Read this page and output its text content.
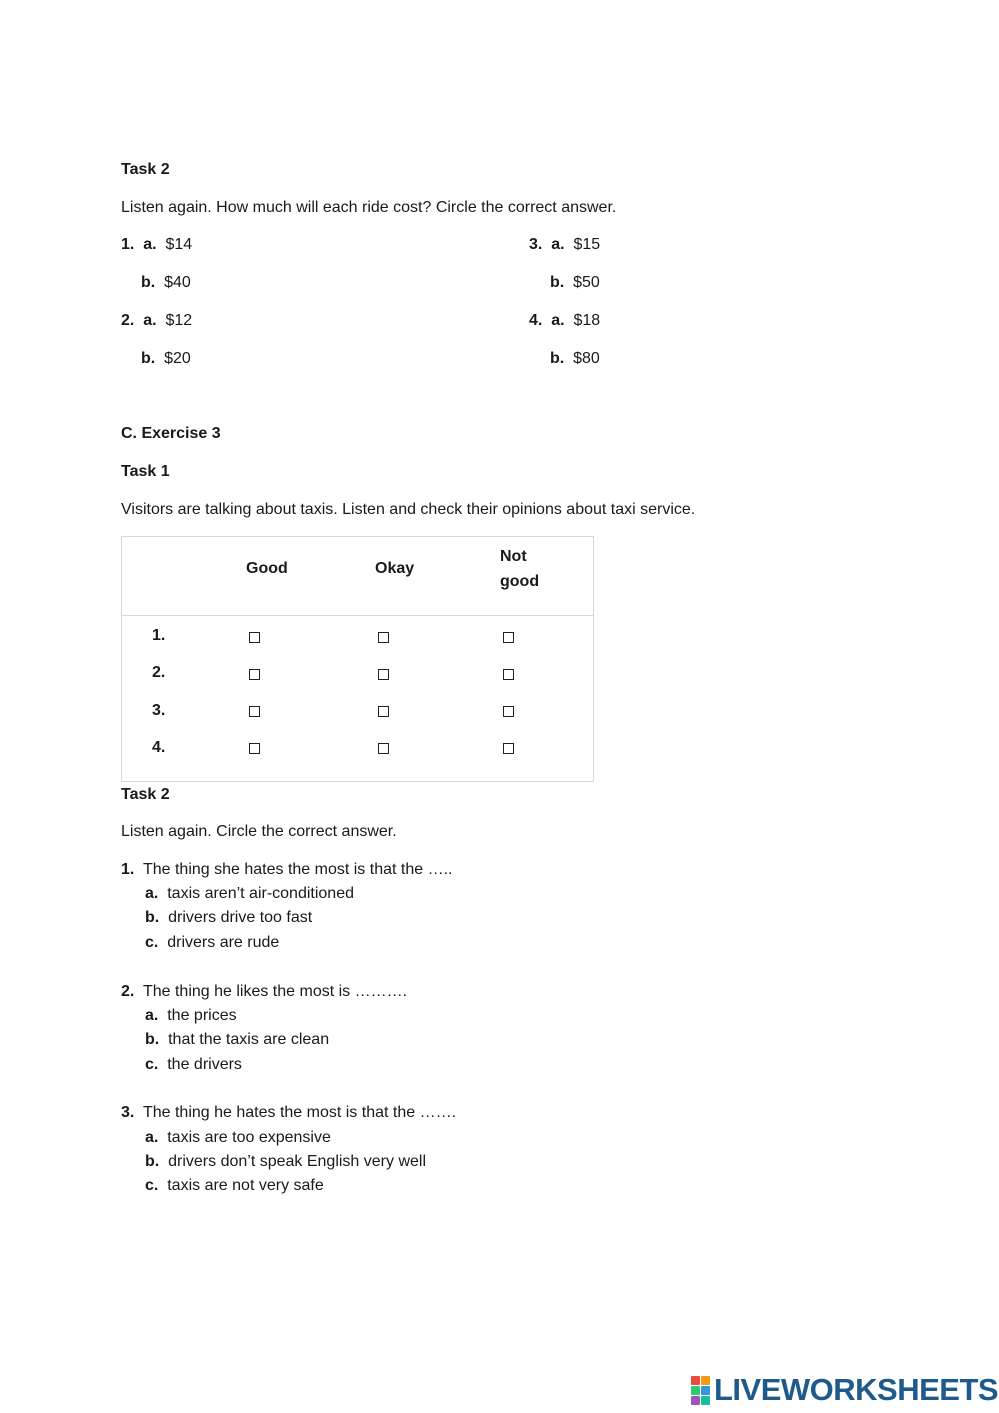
Task 2
Listen again. How much will each ride cost? Circle the correct answer.
1. a. $14
b. $40
2. a. $12
b. $20
3. a. $15
b. $50
4. a. $18
b. $80
C. Exercise 3
Task 1
Visitors are talking about taxis. Listen and check their opinions about taxi service.
Good	Okay
Not
good
1.
2.
3.
4.
Task 2
Listen again. Circle the correct answer.
1. The thing she hates the most is that the …..
a. taxis aren’t air-conditioned
b. drivers drive too fast
c. drivers are rude
2. The thing he likes the most is ……….
a. the prices
b. that the taxis are clean
c. the drivers
3. The thing he hates the most is that the …….
a. taxis are too expensive
b. drivers don’t speak English very well
c. taxis are not very safe
LIVEWORKSHEETS
